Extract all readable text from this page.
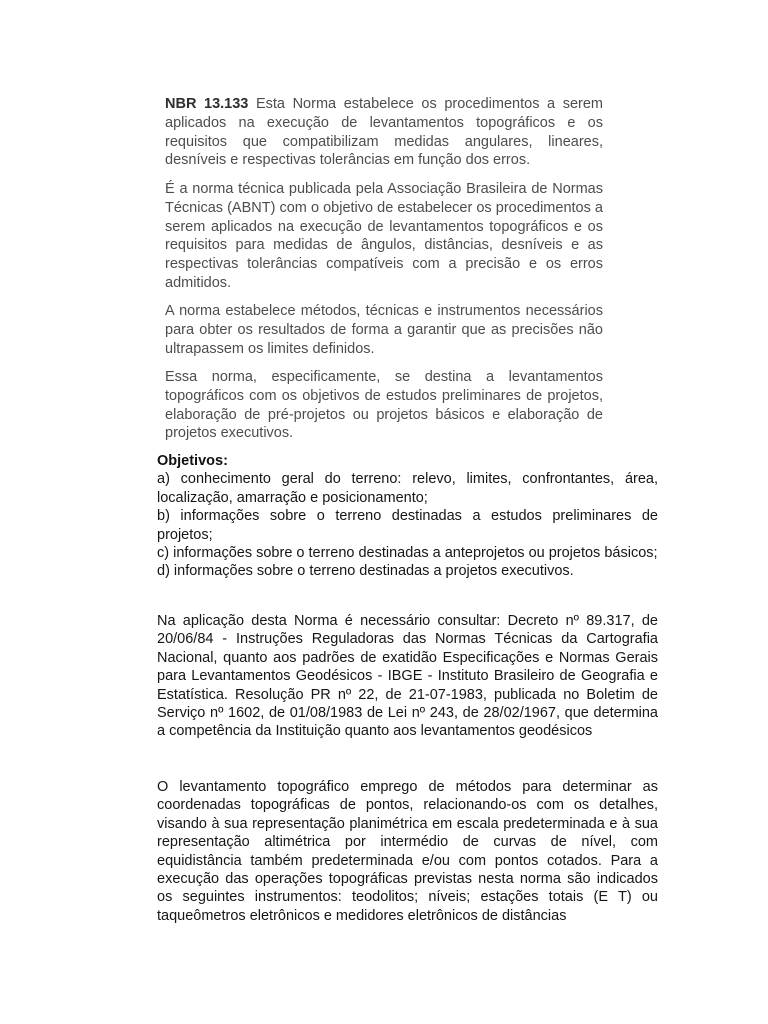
NBR 13.133 Esta Norma estabelece os procedimentos a serem aplicados na execução de levantamentos topográficos e os requisitos que compatibilizam medidas angulares, lineares, desníveis e respectivas tolerâncias em função dos erros.

É a norma técnica publicada pela Associação Brasileira de Normas Técnicas (ABNT) com o objetivo de estabelecer os procedimentos a serem aplicados na execução de levantamentos topográficos e os requisitos para medidas de ângulos, distâncias, desníveis e as respectivas tolerâncias compatíveis com a precisão e os erros admitidos.

A norma estabelece métodos, técnicas e instrumentos necessários para obter os resultados de forma a garantir que as precisões não ultrapassem os limites definidos.

Essa norma, especificamente, se destina a levantamentos topográficos com os objetivos de estudos preliminares de projetos, elaboração de pré-projetos ou projetos básicos e elaboração de projetos executivos.

Objetivos:
a) conhecimento geral do terreno: relevo, limites, confrontantes, área, localização, amarração e posicionamento;
b) informações sobre o terreno destinadas a estudos preliminares de projetos;
c) informações sobre o terreno destinadas a anteprojetos ou projetos básicos;
d) informações sobre o terreno destinadas a projetos executivos.

Na aplicação desta Norma é necessário consultar: Decreto nº 89.317, de 20/06/84 - Instruções Reguladoras das Normas Técnicas da Cartografia Nacional, quanto aos padrões de exatidão Especificações e Normas Gerais para Levantamentos Geodésicos - IBGE - Instituto Brasileiro de Geografia e Estatística. Resolução PR nº 22, de 21-07-1983, publicada no Boletim de Serviço nº 1602, de 01/08/1983 de Lei nº 243, de 28/02/1967, que determina a competência da Instituição quanto aos levantamentos geodésicos

O levantamento topográfico emprego de métodos para determinar as coordenadas topográficas de pontos, relacionando-os com os detalhes, visando à sua representação planimétrica em escala predeterminada e à sua representação altimétrica por intermédio de curvas de nível, com equidistância também predeterminada e/ou com pontos cotados. Para a execução das operações topográficas previstas nesta norma são indicados os seguintes instrumentos: teodolitos; níveis; estações totais (E T) ou taqueômetros eletrônicos e medidores eletrônicos de distâncias
